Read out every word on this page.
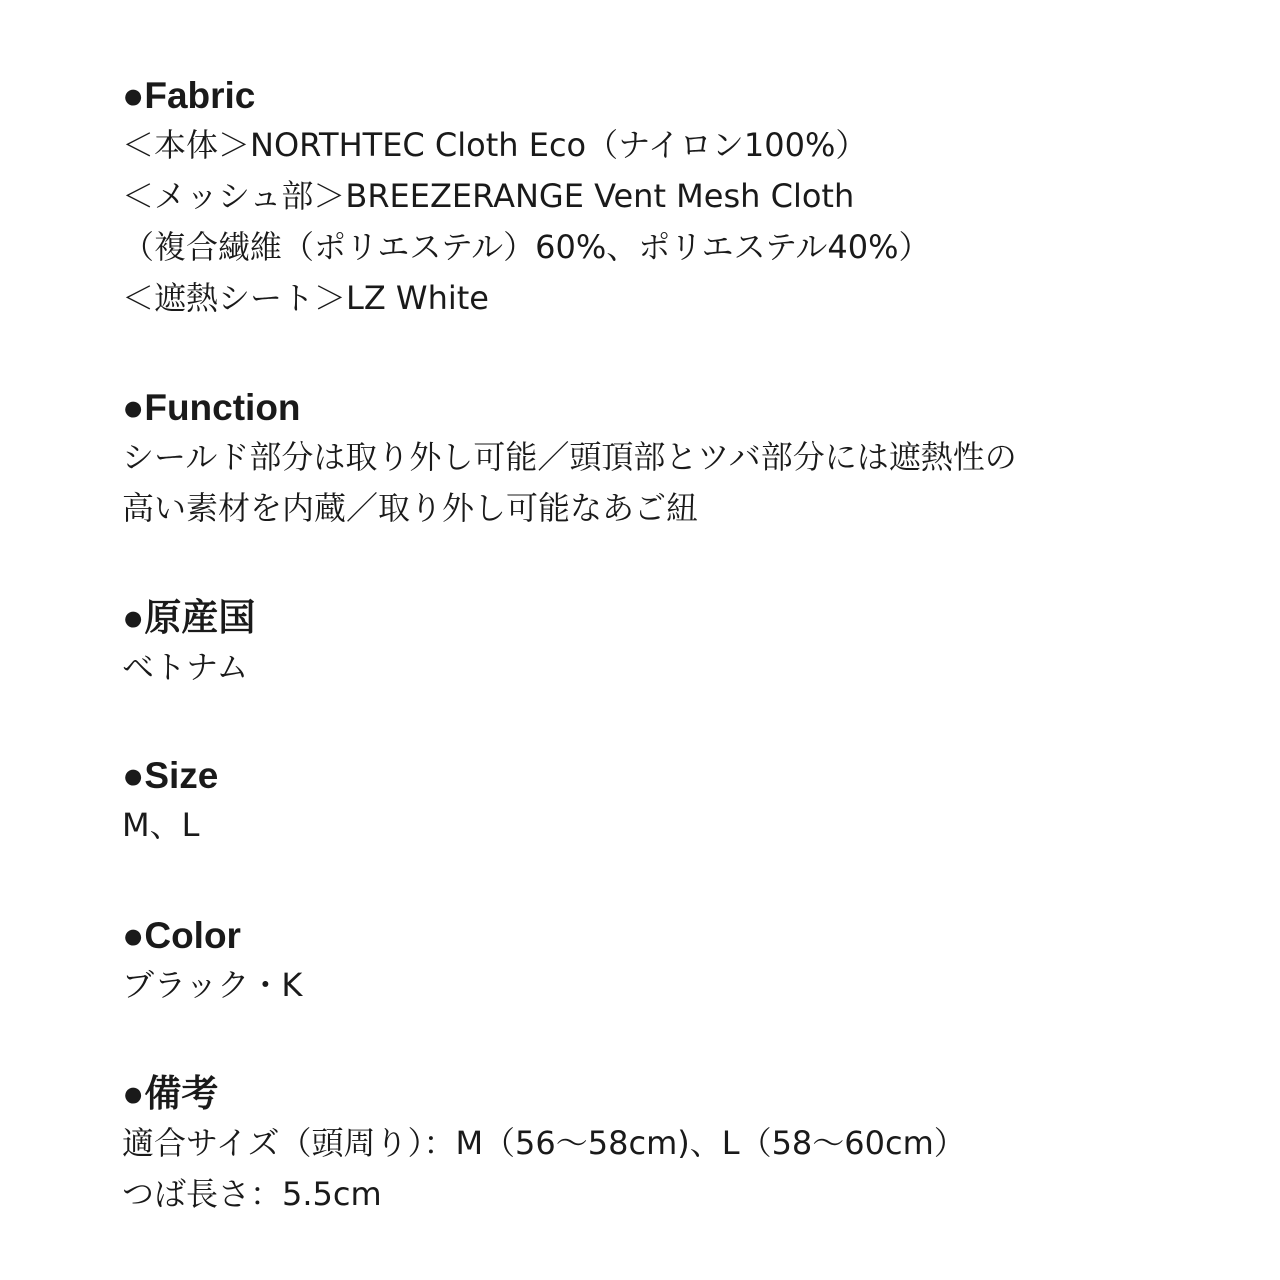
●Fabric

＜本体＞NORTHTEC Cloth Eco（ナイロン100%）

＜メッシュ部＞BREEZERANGE Vent Mesh Cloth

（複合繊維（ポリエステル）60%、ポリエステル40%）

＜遮熱シート＞LZ White

●Function

シールド部分は取り外し可能／頭頂部とツバ部分には遮熱性の

高い素材を内蔵／取り外し可能なあご紐

●原産国

ベトナム

●Size

M、L

●Color

ブラック・K

●備考

適合サイズ（頭周り）：M（56〜58cm)、L（58〜60cm）

つば長さ：5.5cm
